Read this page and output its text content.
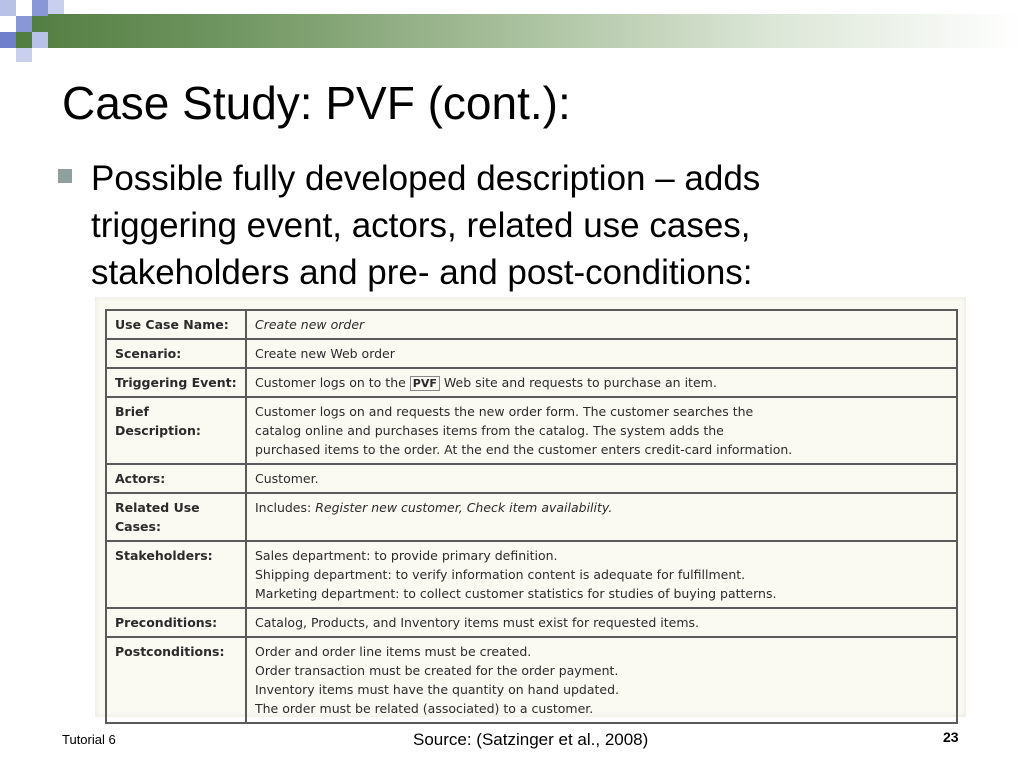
Case Study: PVF (cont.):
Possible fully developed description – adds triggering event, actors, related use cases, stakeholders and pre- and post-conditions:
Use Case Name:	Create new order
Scenario:	Create new Web order
Triggering Event:	Customer logs on to the PVF Web site and requests to purchase an item.
Brief Description:	Customer logs on and requests the new order form. The customer searches the
catalog online and purchases items from the catalog. The system adds the
purchased items to the order. At the end the customer enters credit-card information.

Actors:	Customer.
Related Use Cases:	Includes: Register new customer, Check item availability.
Stakeholders:	Sales department: to provide primary definition.
Shipping department: to verify information content is adequate for fulfillment.
Marketing department: to collect customer statistics for studies of buying patterns.

Preconditions:	Catalog, Products, and Inventory items must exist for requested items.
Postconditions:	Order and order line items must be created.
Order transaction must be created for the order payment.
Inventory items must have the quantity on hand updated.
The order must be related (associated) to a customer.
Tutorial 6	Source: (Satzinger et al., 2008)	23
